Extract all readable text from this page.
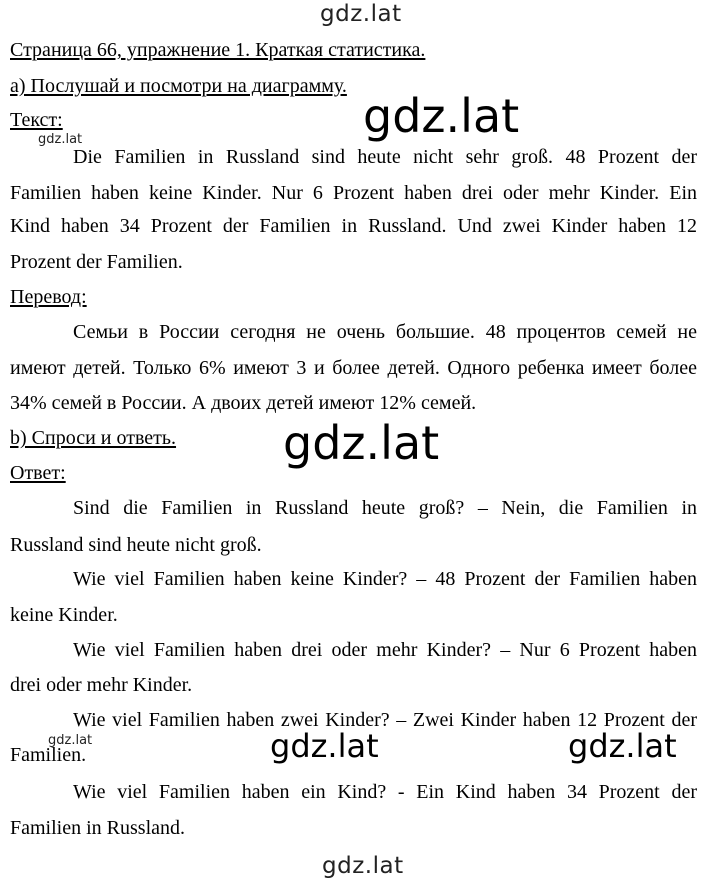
gdz.lat
gdz.lat
gdz.lat
gdz.lat
gdz.lat	gdz.lat	gdz.lat
gdz.lat
Страница 66, упражнение 1. Краткая статистика.
а) Послушай и посмотри на диаграмму.
Текст:
Die Familien in Russland sind heute nicht sehr groß. 48 Prozent der
Familien haben keine Kinder. Nur 6 Prozent haben drei oder mehr Kinder. Ein
Kind haben 34 Prozent der Familien in Russland. Und zwei Kinder haben 12
Prozent der Familien.
Перевод:
Семьи в России сегодня не очень большие. 48 процентов семей не
имеют детей. Только 6% имеют 3 и более детей. Одного ребенка имеет более
34% семей в России. А двоих детей имеют 12% семей.
b) Спроси и ответь.
Ответ:
Sind die Familien in Russland heute groß? – Nein, die Familien in
Russland sind heute nicht groß.
Wie viel Familien haben keine Kinder? – 48 Prozent der Familien haben
keine Kinder.
Wie viel Familien haben drei oder mehr Kinder? – Nur 6 Prozent haben
drei oder mehr Kinder.
Wie viel Familien haben zwei Kinder? – Zwei Kinder haben 12 Prozent der
Familien.
Wie viel Familien haben ein Kind? - Ein Kind haben 34 Prozent der
Familien in Russland.
